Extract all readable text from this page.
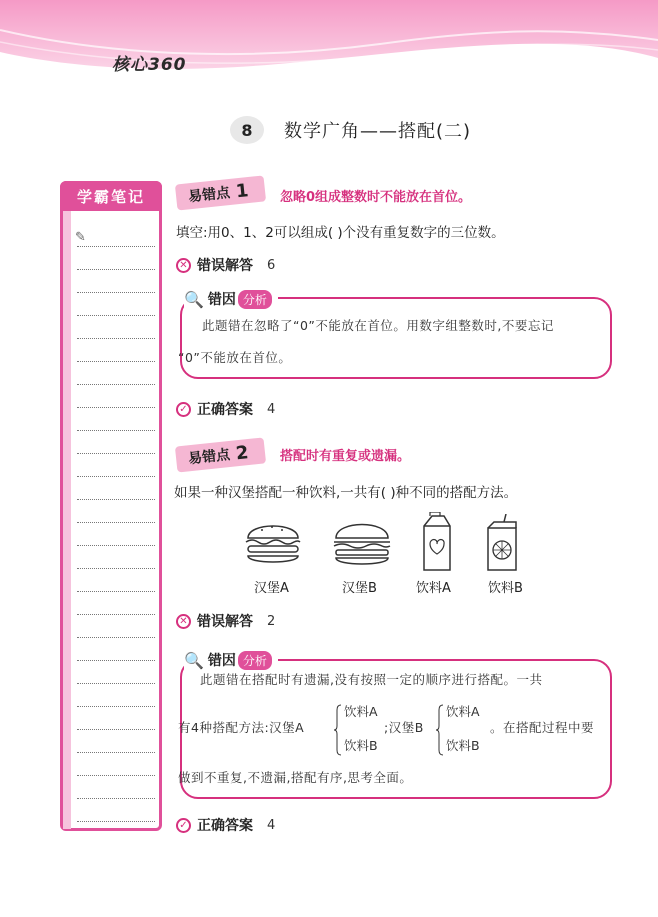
核心360
8	数学广角——搭配(二)
学霸笔记
✎
易错点 1 忽略0组成整数时不能放在首位。
填空:用0、1、2可以组成( )个没有重复数字的三位数。
✕ 错误解答 6
🔍 错因 分析
此题错在忽略了“0”不能放在首位。用数字组整数时,不要忘记
“0”不能放在首位。
✓ 正确答案 4
易错点 2 搭配时有重复或遗漏。
如果一种汉堡搭配一种饮料,一共有( )种不同的搭配方法。
汉堡A	汉堡B	饮料A	饮料B
✕ 错误解答 2
🔍 错因 分析
此题错在搭配时有遗漏,没有按照一定的顺序进行搭配。一共
有4种搭配方法:汉堡A
饮料A
饮料B
;汉堡B
饮料A
饮料B
。在搭配过程中要
做到不重复,不遗漏,搭配有序,思考全面。
✓ 正确答案 4
